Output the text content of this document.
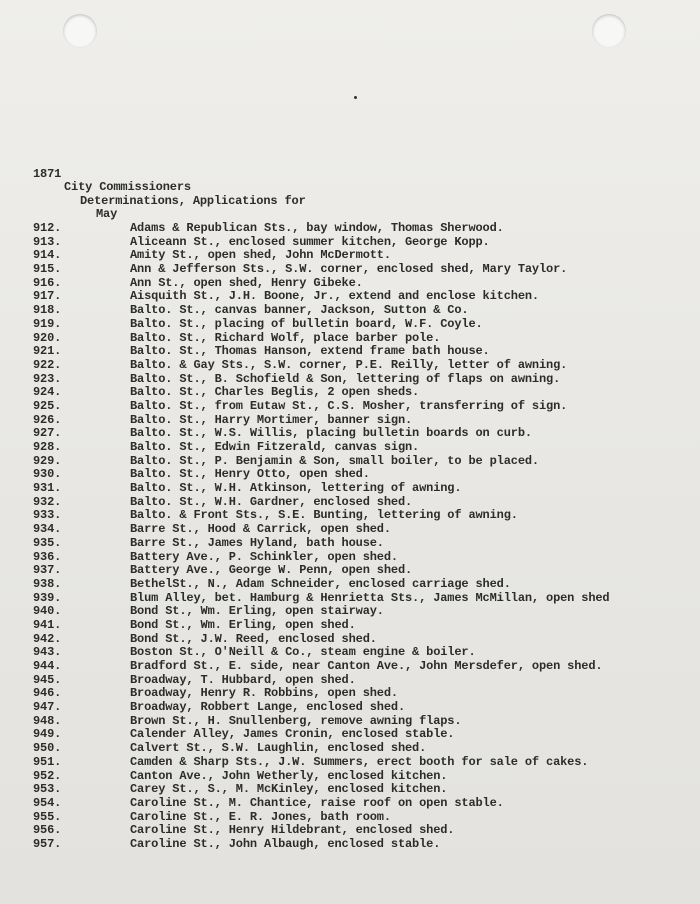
1871
City Commissioners
Determinations, Applications for
May
912.	Adams & Republican Sts., bay window, Thomas Sherwood.
913.	Aliceann St., enclosed summer kitchen, George Kopp.
914.	Amity St., open shed, John McDermott.
915.	Ann & Jefferson Sts., S.W. corner, enclosed shed, Mary Taylor.
916.	Ann St., open shed, Henry Gibeke.
917.	Aisquith St., J.H. Boone, Jr., extend and enclose kitchen.
918.	Balto. St., canvas banner, Jackson, Sutton & Co.
919.	Balto. St., placing of bulletin board, W.F. Coyle.
920.	Balto. St., Richard Wolf, place barber pole.
921.	Balto. St., Thomas Hanson, extend frame bath house.
922.	Balto. & Gay Sts., S.W. corner, P.E. Reilly, letter of awning.
923.	Balto. St., B. Schofield & Son, lettering of flaps on awning.
924.	Balto. St., Charles Beglis, 2 open sheds.
925.	Balto. St., from Eutaw St., C.S. Mosher, transferring of sign.
926.	Balto. St., Harry Mortimer, banner sign.
927.	Balto. St., W.S. Willis, placing bulletin boards on curb.
928.	Balto. St., Edwin Fitzerald, canvas sign.
929.	Balto. St., P. Benjamin & Son, small boiler, to be placed.
930.	Balto. St., Henry Otto, open shed.
931.	Balto. St., W.H. Atkinson, lettering of awning.
932.	Balto. St., W.H. Gardner, enclosed shed.
933.	Balto. & Front Sts., S.E. Bunting, lettering of awning.
934.	Barre St., Hood & Carrick, open shed.
935.	Barre St., James Hyland, bath house.
936.	Battery Ave., P. Schinkler, open shed.
937.	Battery Ave., George W. Penn, open shed.
938.	BethelSt., N., Adam Schneider, enclosed carriage shed.
939.	Blum Alley, bet. Hamburg & Henrietta Sts., James McMillan, open shed
940.	Bond St., Wm. Erling, open stairway.
941.	Bond St., Wm. Erling, open shed.
942.	Bond St., J.W. Reed, enclosed shed.
943.	Boston St., O'Neill & Co., steam engine & boiler.
944.	Bradford St., E. side, near Canton Ave., John Mersdefer, open shed.
945.	Broadway, T. Hubbard, open shed.
946.	Broadway, Henry R. Robbins, open shed.
947.	Broadway, Robbert Lange, enclosed shed.
948.	Brown St., H. Snullenberg, remove awning flaps.
949.	Calender Alley, James Cronin, enclosed stable.
950.	Calvert St., S.W. Laughlin, enclosed shed.
951.	Camden & Sharp Sts., J.W. Summers, erect booth for sale of cakes.
952.	Canton Ave., John Wetherly, enclosed kitchen.
953.	Carey St., S., M. McKinley, enclosed kitchen.
954.	Caroline St., M. Chantice, raise roof on open stable.
955.	Caroline St., E. R. Jones, bath room.
956.	Caroline St., Henry Hildebrant, enclosed shed.
957.	Caroline St., John Albaugh, enclosed stable.
